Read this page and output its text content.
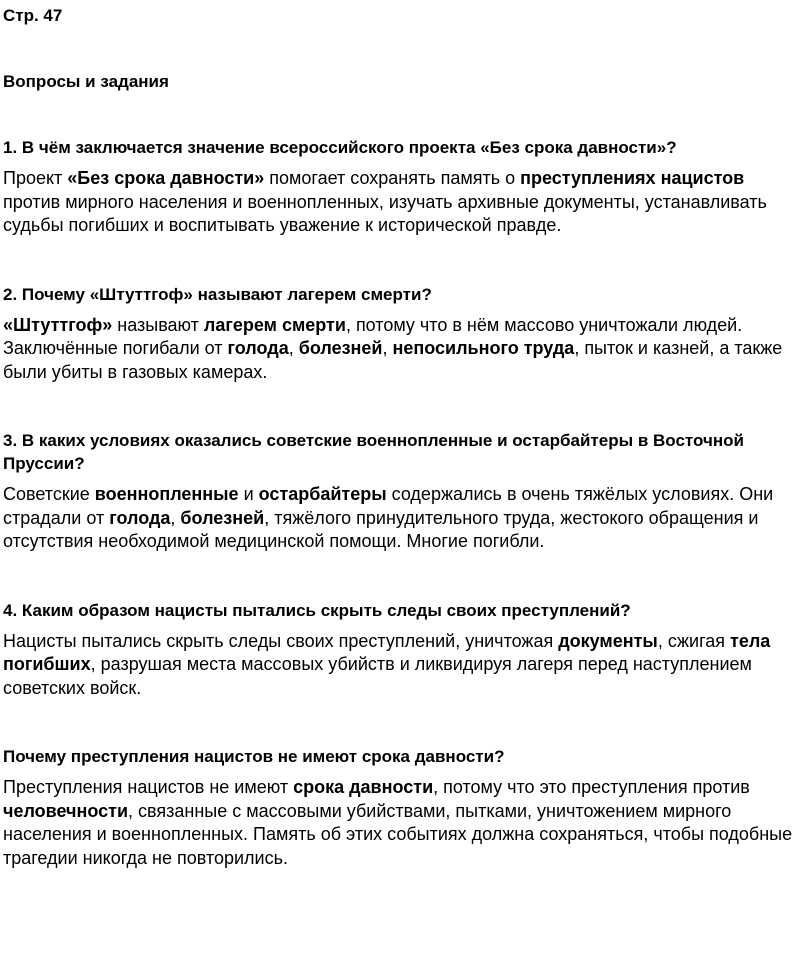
Стр. 47

Вопросы и задания

1. В чём заключается значение всероссийского проекта «Без срока давности»?

Проект «Без срока давности» помогает сохранять память о преступлениях нацистов против мирного населения и военнопленных, изучать архивные документы, устанавливать судьбы погибших и воспитывать уважение к исторической правде.

2. Почему «Штуттгоф» называют лагерем смерти?

«Штуттгоф» называют лагерем смерти, потому что в нём массово уничтожали людей. Заключённые погибали от голода, болезней, непосильного труда, пыток и казней, а также были убиты в газовых камерах.

3. В каких условиях оказались советские военнопленные и остарбайтеры в Восточной Пруссии?

Советские военнопленные и остарбайтеры содержались в очень тяжёлых условиях. Они страдали от голода, болезней, тяжёлого принудительного труда, жестокого обращения и отсутствия необходимой медицинской помощи. Многие погибли.

4. Каким образом нацисты пытались скрыть следы своих преступлений?

Нацисты пытались скрыть следы своих преступлений, уничтожая документы, сжигая тела погибших, разрушая места массовых убийств и ликвидируя лагеря перед наступлением советских войск.

Почему преступления нацистов не имеют срока давности?

Преступления нацистов не имеют срока давности, потому что это преступления против человечности, связанные с массовыми убийствами, пытками, уничтожением мирного населения и военнопленных. Память об этих событиях должна сохраняться, чтобы подобные трагедии никогда не повторились.
